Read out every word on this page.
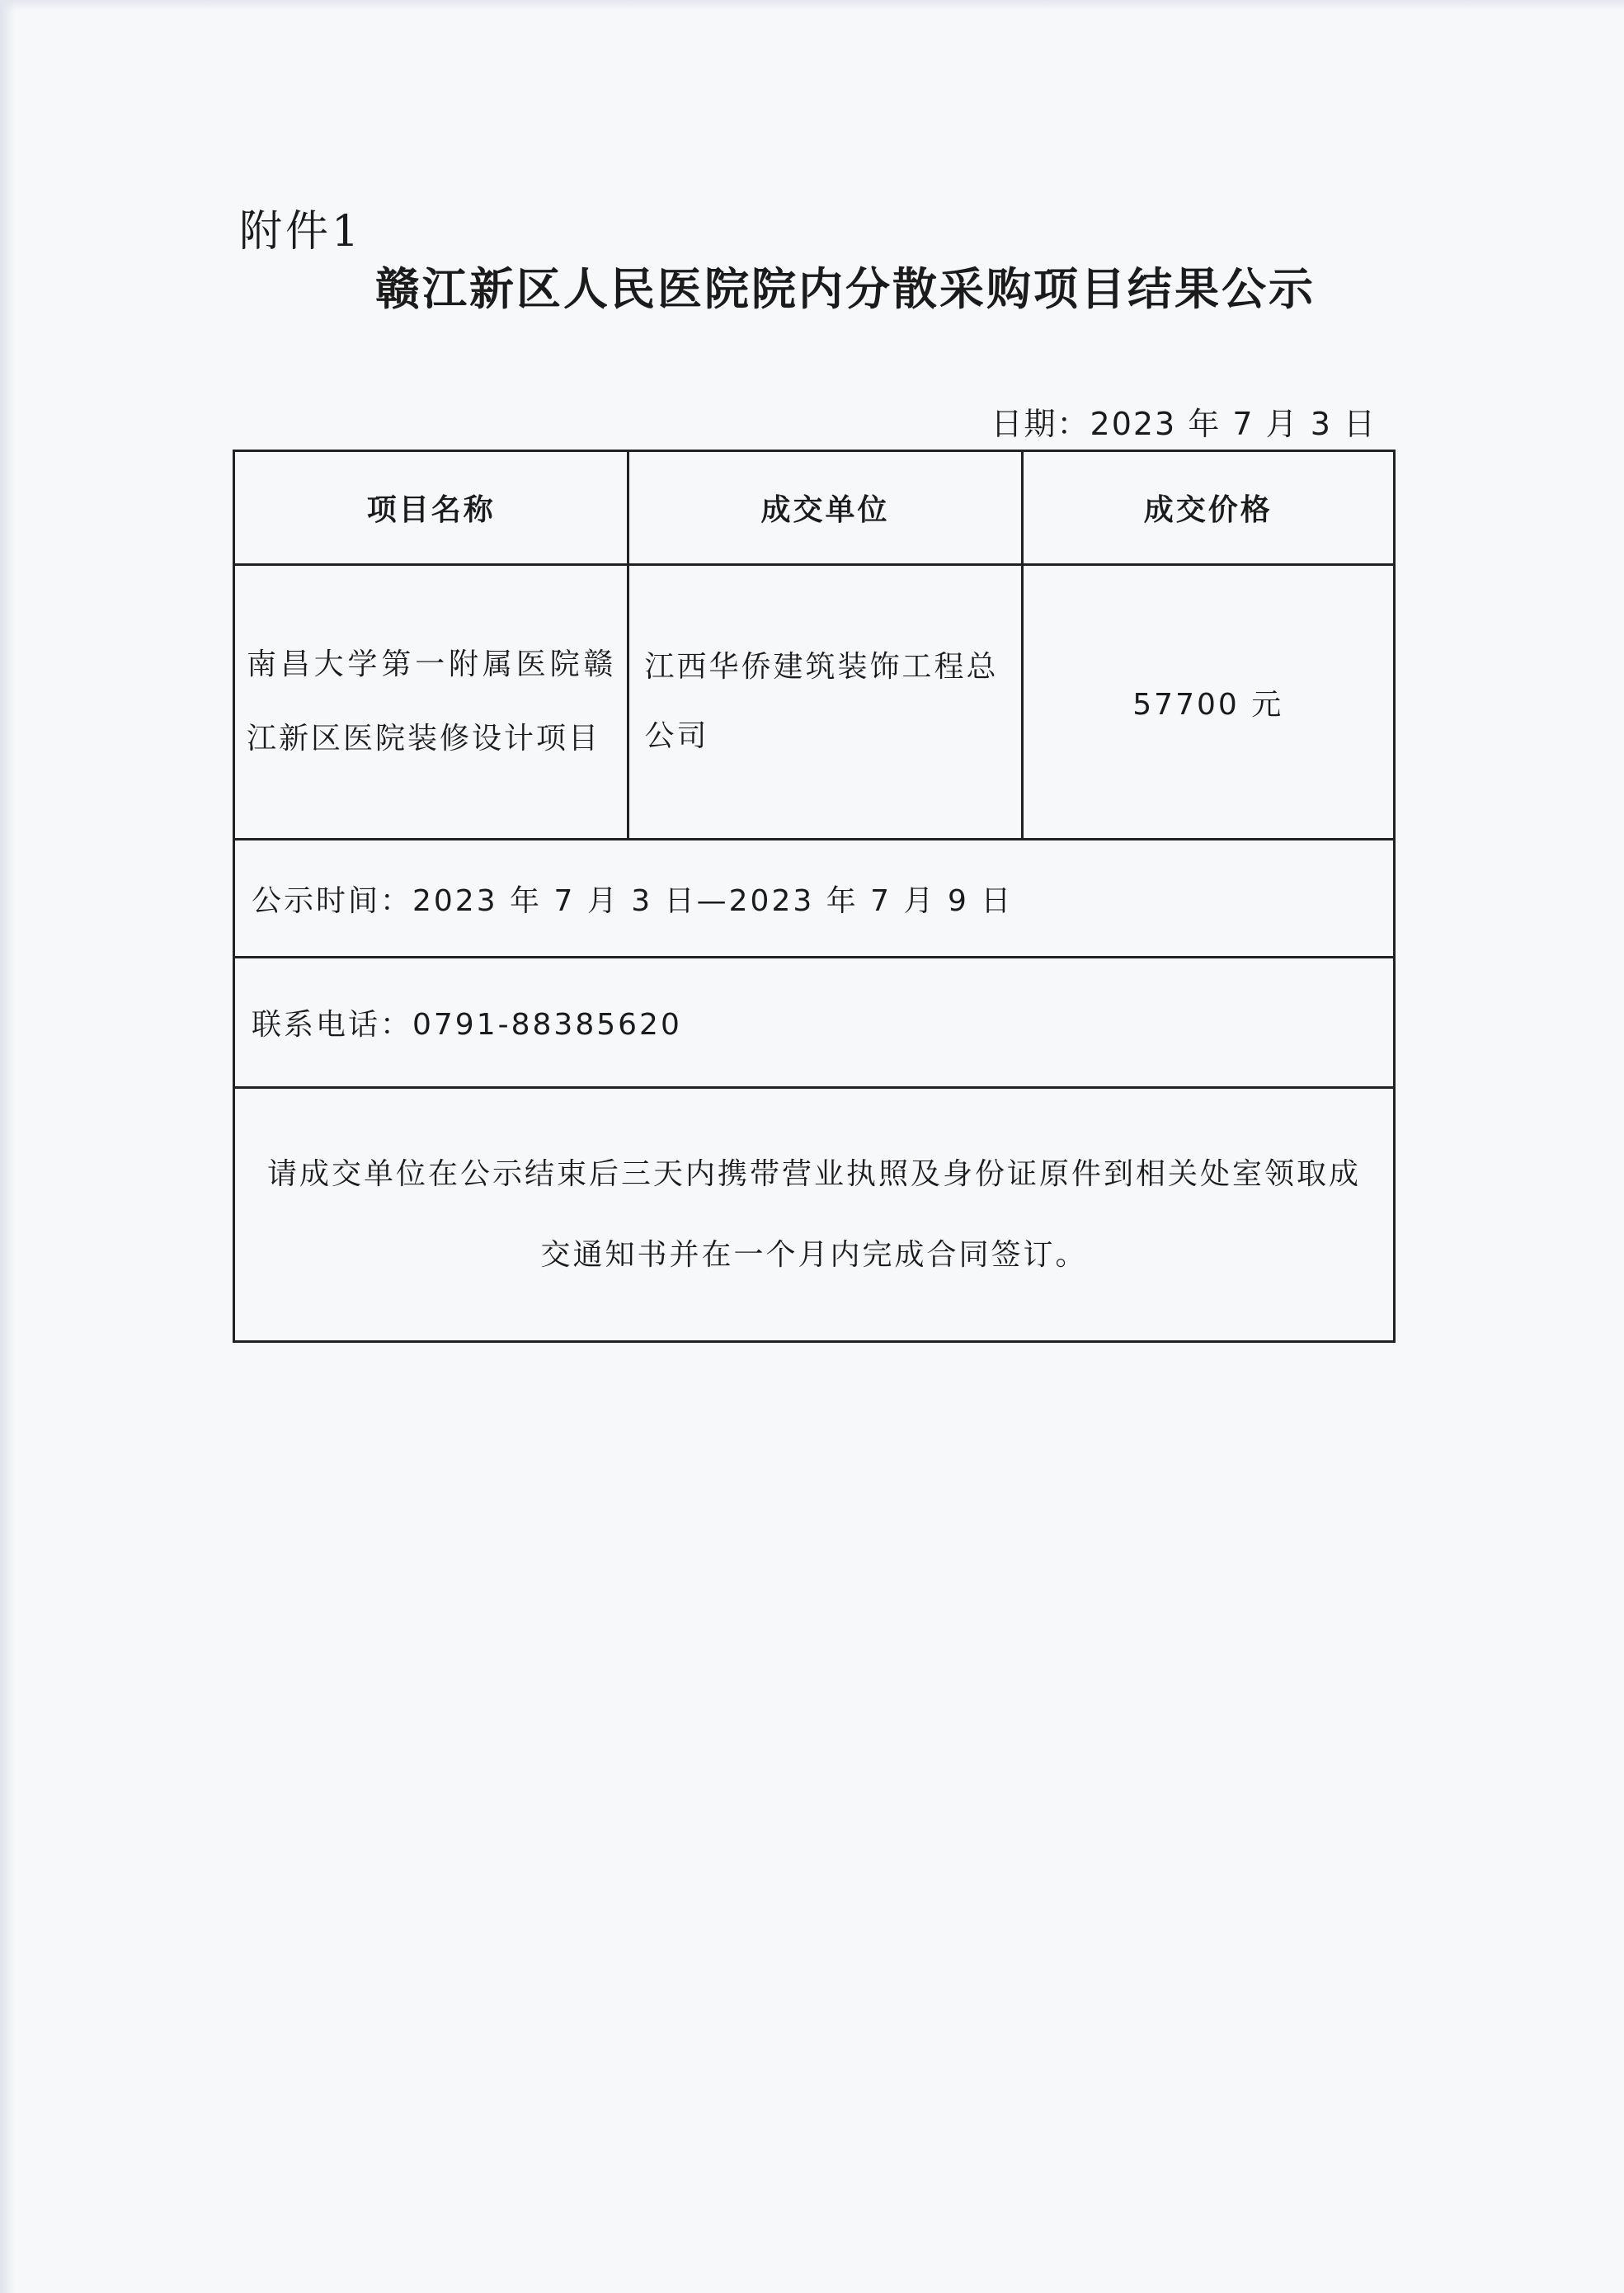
附件1
赣江新区人民医院院内分散采购项目结果公示
日期：2023 年 7 月 3 日
项目名称	成交单位	成交价格
南昌大学第一附属医院赣江新区医院装修设计项目	江西华侨建筑装饰工程总公司	57700 元
公示时间：2023 年 7 月 3 日—2023 年 7 月 9 日		
联系电话：0791-88385620		
请成交单位在公示结束后三天内携带营业执照及身份证原件到相关处室领取成交通知书并在一个月内完成合同签订。		
